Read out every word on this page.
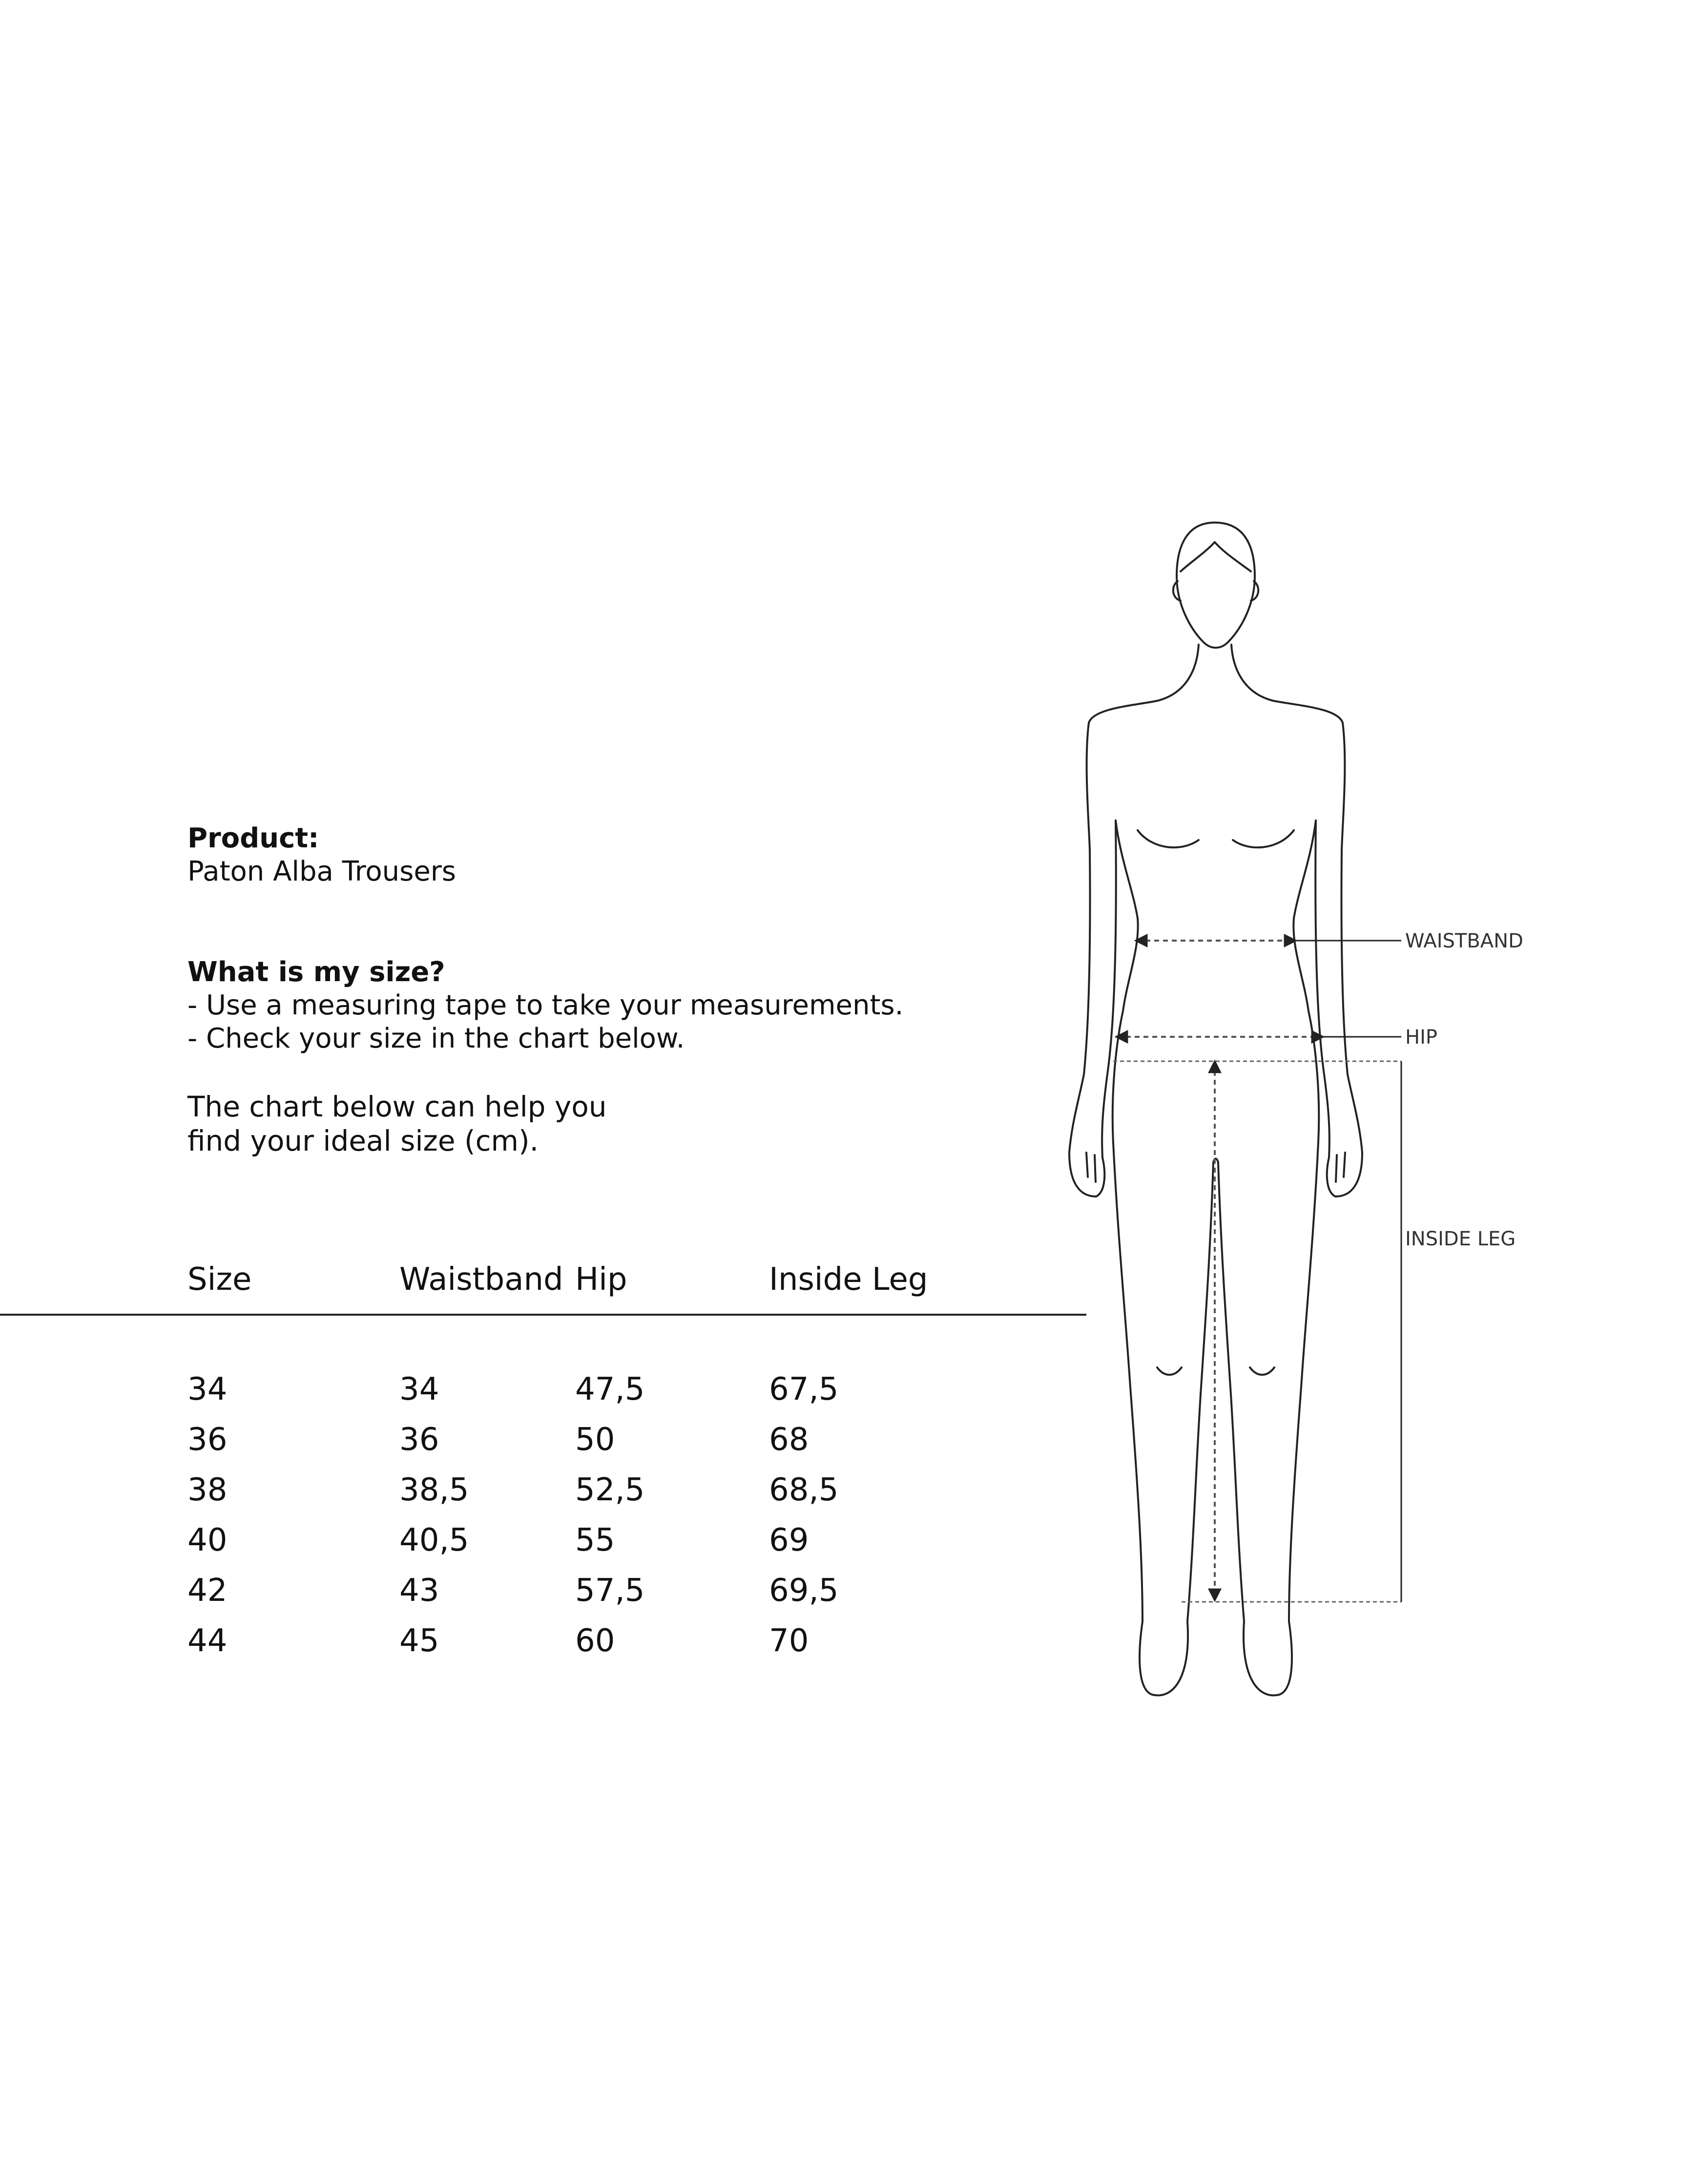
Product:
Paton Alba Trousers
What is my size?
- Use a measuring tape to take your measurements.
- Check your size in the chart below.
The chart below can help you
find your ideal size (cm).
Size	Waistband Hip	Inside Leg
34	34	47,5	67,5
36	36	50	68
38	38,5	52,5	68,5
40	40,5	55	69
42	43	57,5	69,5
44	45	60	70
WAISTBAND
HIP
INSIDE LEG
